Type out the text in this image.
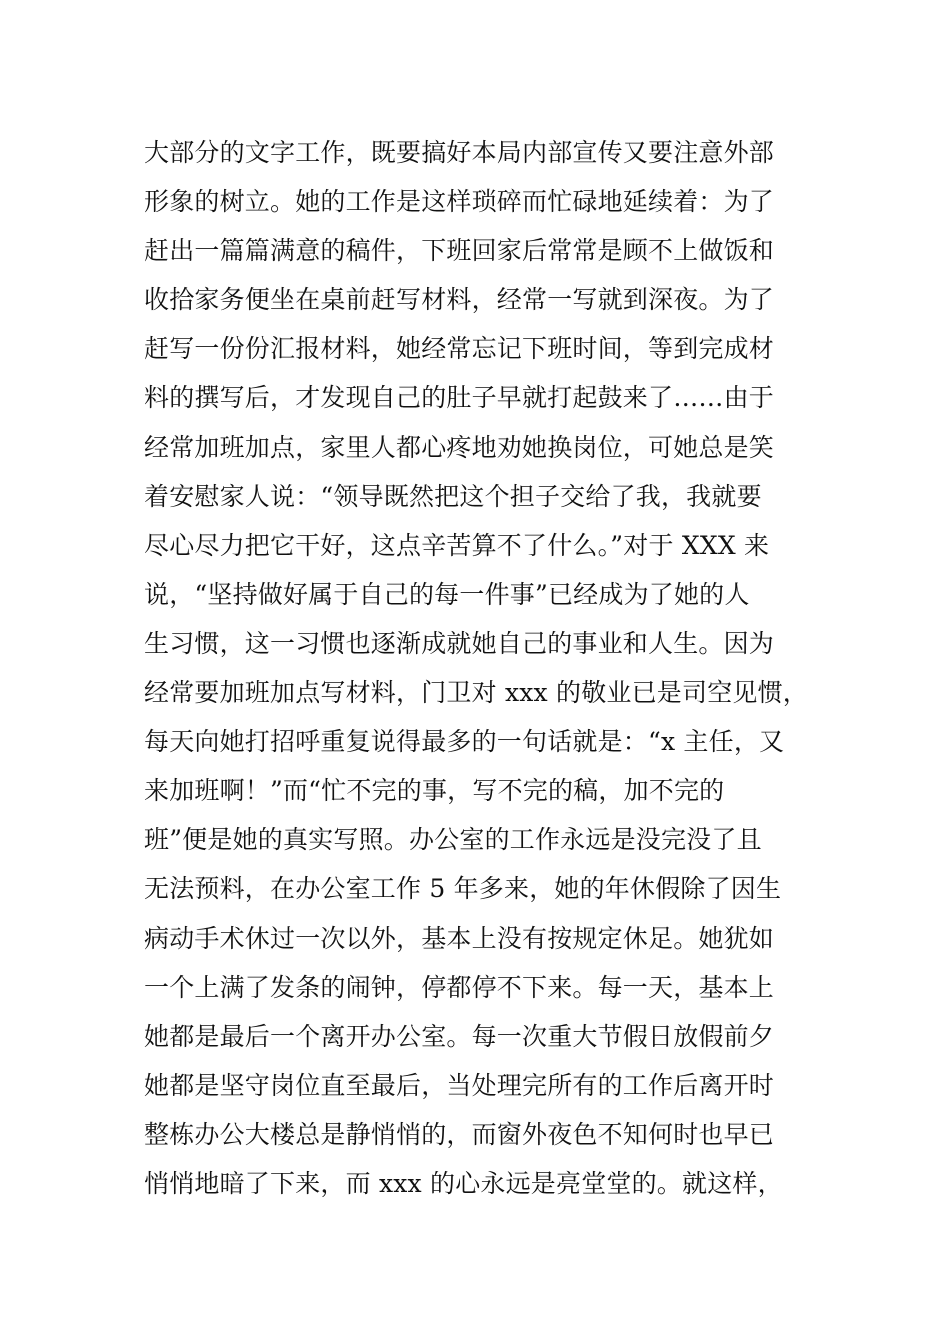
大部分的文字工作，既要搞好本局内部宣传又要注意外部
形象的树立。她的工作是这样琐碎而忙碌地延续着：为了
赶出一篇篇满意的稿件，下班回家后常常是顾不上做饭和
收拾家务便坐在桌前赶写材料，经常一写就到深夜。为了
赶写一份份汇报材料，她经常忘记下班时间，等到完成材
料的撰写后，才发现自己的肚子早就打起鼓来了……由于
经常加班加点，家里人都心疼地劝她换岗位，可她总是笑
着安慰家人说：“领导既然把这个担子交给了我，我就要
尽心尽力把它干好，这点辛苦算不了什么。”对于 XXX 来
说，“坚持做好属于自己的每一件事”已经成为了她的人
生习惯，这一习惯也逐渐成就她自己的事业和人生。因为
经常要加班加点写材料，门卫对 xxx 的敬业已是司空见惯，
每天向她打招呼重复说得最多的一句话就是：“x 主任，又
来加班啊！”而“忙不完的事，写不完的稿，加不完的
班”便是她的真实写照。办公室的工作永远是没完没了且
无法预料，在办公室工作 5 年多来，她的年休假除了因生
病动手术休过一次以外，基本上没有按规定休足。她犹如
一个上满了发条的闹钟，停都停不下来。每一天，基本上
她都是最后一个离开办公室。每一次重大节假日放假前夕
她都是坚守岗位直至最后，当处理完所有的工作后离开时
整栋办公大楼总是静悄悄的，而窗外夜色不知何时也早已
悄悄地暗了下来，而 xxx 的心永远是亮堂堂的。就这样，
